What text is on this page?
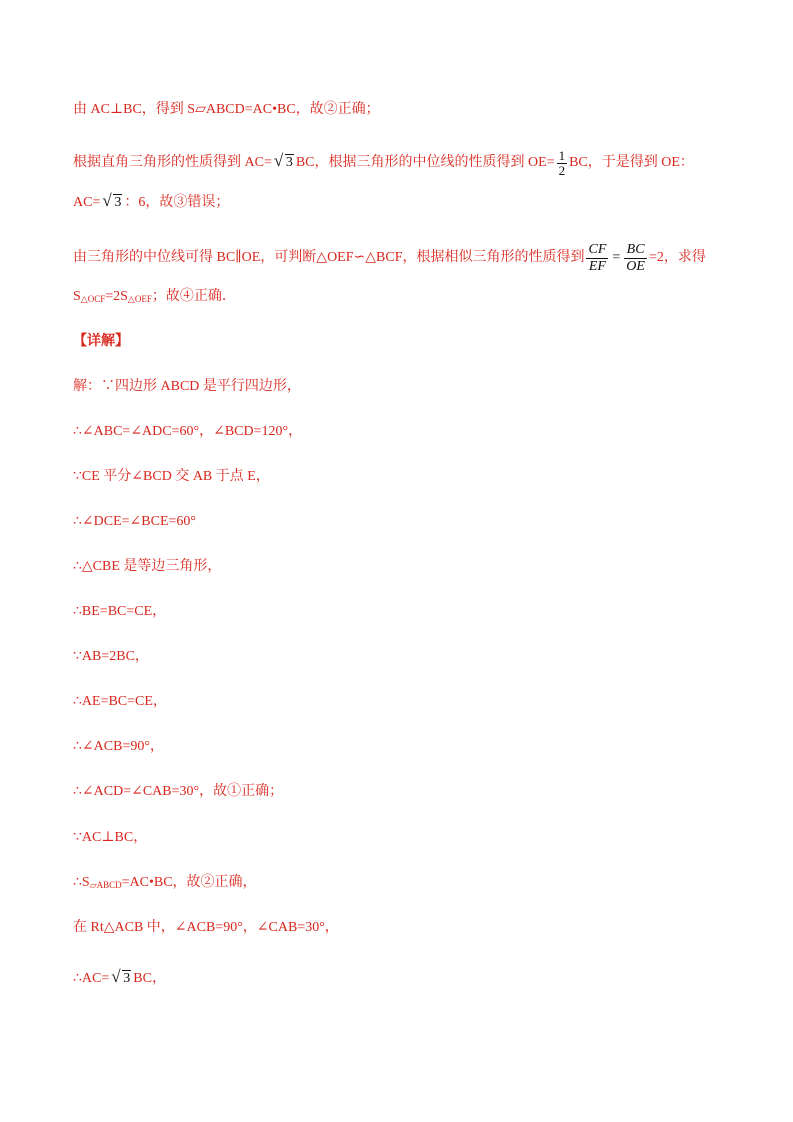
由 AC⊥BC，得到 S▱ABCD=AC•BC，故②正确；
根据直角三角形的性质得到 AC= √ 3 BC，根据三角形的中位线的性质得到 $OE= \frac{1}{2}$ BC，于是得到 OE：
AC= √ 3 ：6，故③错误；
由三角形的中位线可得 BC∥OE，可判断△OEF∽△BCF，根据相似三角形的性质得到 $\frac{CF}{EF} = \frac{BC}{OE} =2$，求得
$S_{\triangle OCF}=2S_{\triangle OEF}$；故④正确．
【详解】
解：∵四边形 ABCD 是平行四边形，
∴∠ABC=∠ADC=60°，∠BCD=120°，
∵CE 平分∠BCD 交 AB 于点 E，
∴∠DCE=∠BCE=60°
∴△CBE 是等边三角形，
∴BE=BC=CE，
∵AB=2BC，
∴AE=BC=CE，
∴∠ACB=90°，
∴∠ACD=∠CAB=30°，故①正确；
∵AC⊥BC，
$\therefore S_{▱ABCD}=AC•BC$，故②正确，
在 Rt△ACB 中，∠ACB=90°，∠CAB=30°，
∴AC= √ 3 BC，
